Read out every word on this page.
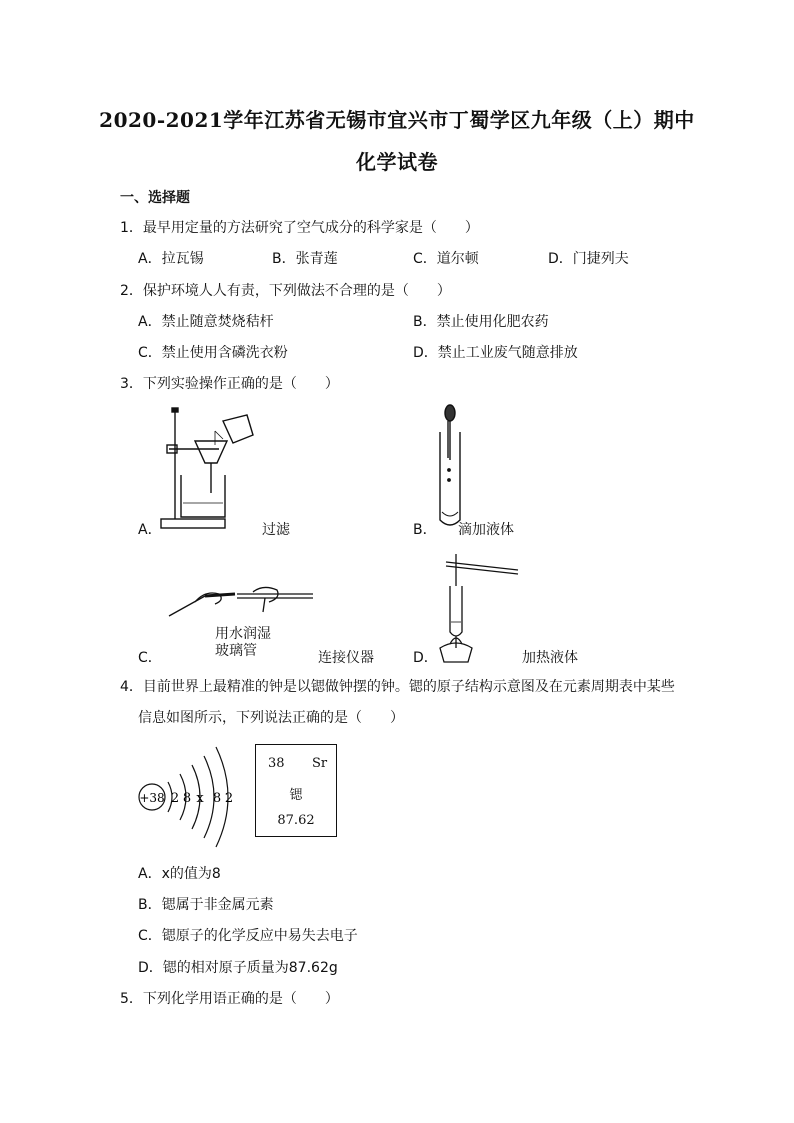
2020-2021学年江苏省无锡市宜兴市丁蜀学区九年级（上）期中
化学试卷
一、选择题
1．最早用定量的方法研究了空气成分的科学家是（　　）
A．拉瓦锡	B．张青莲	C．道尔顿	D．门捷列夫
2．保护环境人人有责，下列做法不合理的是（　　）
A．禁止随意焚烧秸杆	B．禁止使用化肥农药
C．禁止使用含磷洗衣粉	D．禁止工业废气随意排放
3．下列实验操作正确的是（　　）
A．	过滤	B． 滴加液体
用水润湿
玻璃管
C．	连接仪器	D．	加热液体
4．目前世界上最精准的钟是以锶做钟摆的钟。锶的原子结构示意图及在元素周期表中某些
信息如图所示，下列说法正确的是（　　）
+38 2 8 x 8 2
38 Sr
锶
87.62
A．x的值为8
B．锶属于非金属元素
C．锶原子的化学反应中易失去电子
D．锶的相对原子质量为87.62g
5．下列化学用语正确的是（　　）
